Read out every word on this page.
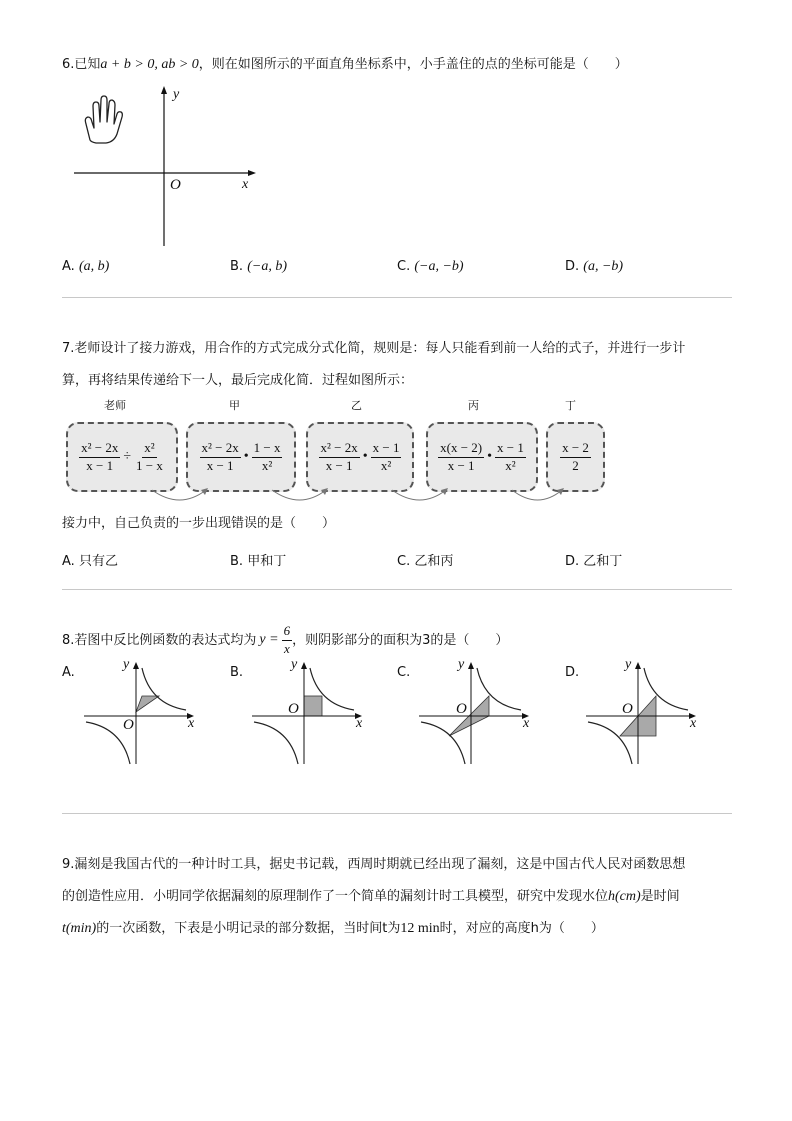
6.已知a + b > 0, ab > 0，则在如图所示的平面直角坐标系中，小手盖住的点的坐标可能是（　　）
y
x
O
A. (a, b)	B. (−a, b)	C. (−a, −b)	D. (a, −b)
7.老师设计了接力游戏，用合作的方式完成分式化简，规则是：每人只能看到前一人给的式子，并进行一步计
算，再将结果传递给下一人，最后完成化简．过程如图所示：
老师	甲	乙	丙	丁
$\frac{\text{x² − 2x}}{x - 1} \div \frac{\text{x²}}{1 - x}$	$\frac{\text{x² − 2x}}{x - 1}$ • $\frac{1 - x}{\text{x²}}$	$\frac{\text{x² − 2x}}{x - 1}$ • $\frac{x - 1}{\text{x²}}$	$\frac{x(x - 2)}{x - 1}$ • $\frac{x - 1}{\text{x²}}$	$\frac{x - 2}{2}$
接力中，自己负责的一步出现错误的是（　　）
A. 只有乙	B. 甲和丁	C. 乙和丙	D. 乙和丁
8. 若图中反比例函数的表达式均为 $y = \frac{6}{x}$ ，则阴影部分的面积为3的是（　　）
A.
y
x
O
B.
y
x
O
C.
y
x
O
D.
y
x
O
9.漏刻是我国古代的一种计时工具，据史书记载，西周时期就已经出现了漏刻，这是中国古代人民对函数思想
的创造性应用．小明同学依据漏刻的原理制作了一个简单的漏刻计时工具模型，研究中发现水位h(cm)是时间
t(min)的一次函数，下表是小明记录的部分数据，当时间t为12 min时，对应的高度h为（　　）
